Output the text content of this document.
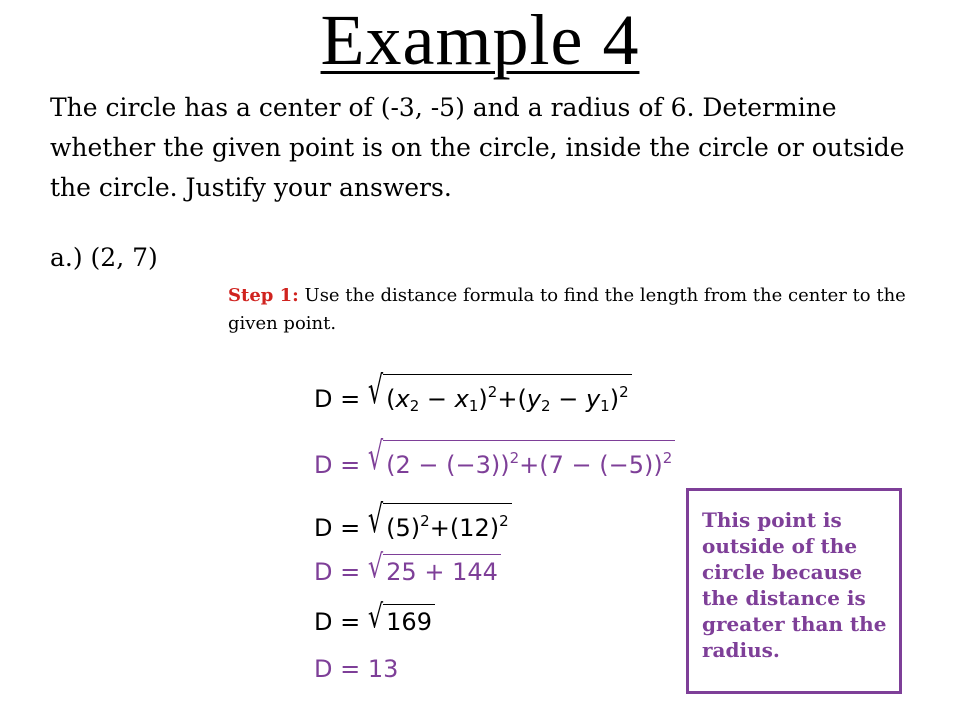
Example 4
The circle has a center of (-3, -5) and a radius of 6. Determine whether the given point is on the circle, inside the circle or outside the circle. Justify your answers.
a.) (2, 7)
Step 1: Use the distance formula to find the length from the center to the given point.
D = √ $(x_2 - x_1)^2+(y_2 - y_1)^2$
D = √ $(2 - (-3))^2+(7 - (-5))^2$
D = √ $(5)^2+(12)^2$
D = √ 25 + 144
D = √ 169
D = 13
This point is outside of the circle because the distance is greater than the radius.
